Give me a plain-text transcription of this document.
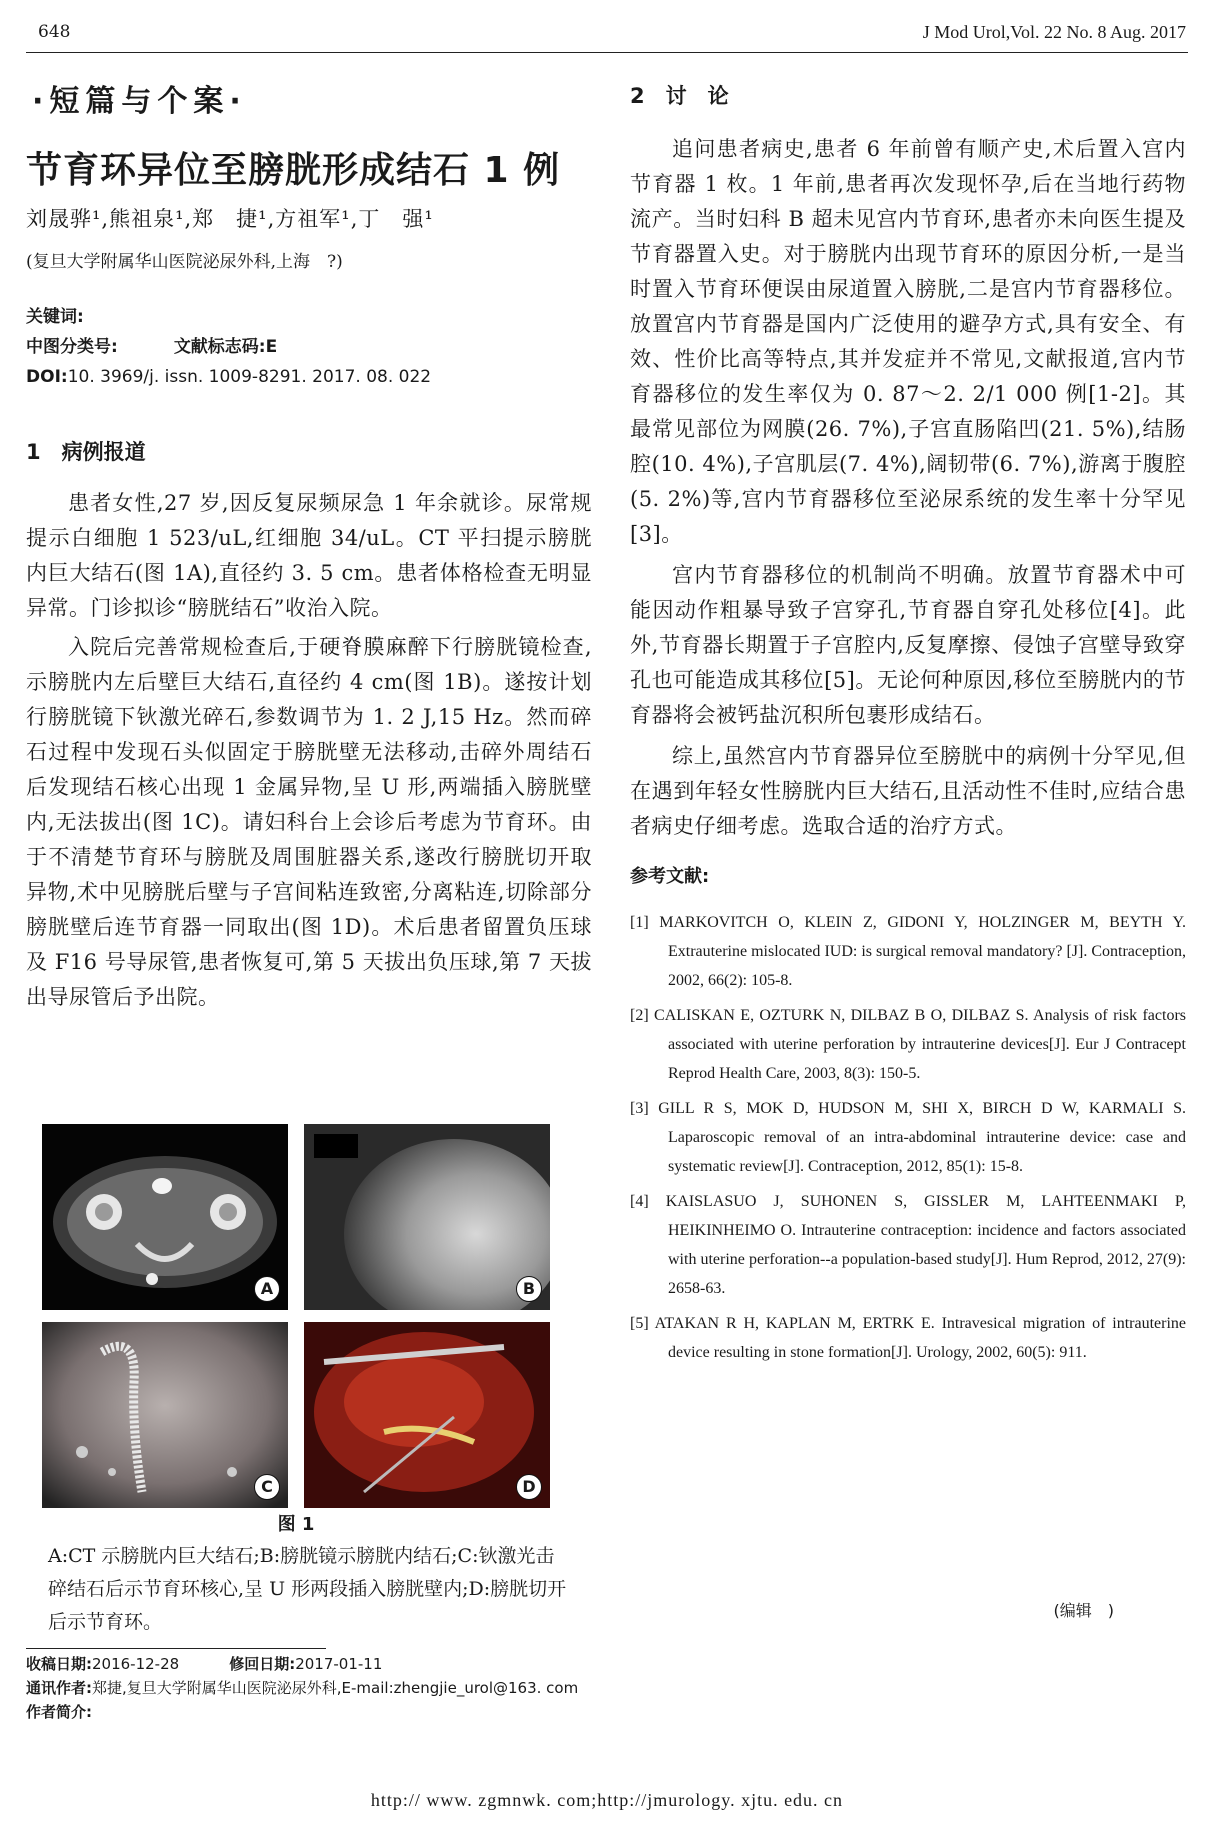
648	J Mod Urol,Vol. 22 No. 8 Aug. 2017
·短篇与个案·
节育环异位至膀胱形成结石 1 例
刘晟骅¹,熊祖泉¹,郑　捷¹,方祖军¹,丁　强¹
(复旦大学附属华山医院泌尿外科,上海　?)
关键词:
中图分类号:	文献标志码:E
DOI:10. 3969/j. issn. 1009-8291. 2017. 08. 022
1　病例报道

患者女性,27 岁,因反复尿频尿急 1 年余就诊。尿常规提示白细胞 1 523/uL,红细胞 34/uL。CT 平扫提示膀胱内巨大结石(图 1A),直径约 3. 5 cm。患者体格检查无明显异常。门诊拟诊“膀胱结石”收治入院。

入院后完善常规检查后,于硬脊膜麻醉下行膀胱镜检查,示膀胱内左后壁巨大结石,直径约 4 cm(图 1B)。遂按计划行膀胱镜下钬激光碎石,参数调节为 1. 2 J,15 Hz。然而碎石过程中发现石头似固定于膀胱壁无法移动,击碎外周结石后发现结石核心出现 1 金属异物,呈 U 形,两端插入膀胱壁内,无法拔出(图 1C)。请妇科台上会诊后考虑为节育环。由于不清楚节育环与膀胱及周围脏器关系,遂改行膀胱切开取异物,术中见膀胱后壁与子宫间粘连致密,分离粘连,切除部分膀胱壁后连节育器一同取出(图 1D)。术后患者留置负压球及 F16 号导尿管,患者恢复可,第 5 天拔出负压球,第 7 天拔出导尿管后予出院。

A	B
C	D
图 1
A:CT 示膀胱内巨大结石;B:膀胱镜示膀胱内结石;C:钬激光击碎结石后示节育环核心,呈 U 形两段插入膀胱壁内;D:膀胱切开后示节育环。
收稿日期:2016-12-28	修回日期:2017-01-11
通讯作者:郑捷,复旦大学附属华山医院泌尿外科,E-mail:zhengjie_urol@163. com
作者简介:
http:// www. zgmnwk. com;http://jmurology. xjtu. edu. cn
2　讨　论

追问患者病史,患者 6 年前曾有顺产史,术后置入宫内节育器 1 枚。1 年前,患者再次发现怀孕,后在当地行药物流产。当时妇科 B 超未见宫内节育环,患者亦未向医生提及节育器置入史。对于膀胱内出现节育环的原因分析,一是当时置入节育环便误由尿道置入膀胱,二是宫内节育器移位。放置宫内节育器是国内广泛使用的避孕方式,具有安全、有效、性价比高等特点,其并发症并不常见,文献报道,宫内节育器移位的发生率仅为 0. 87～2. 2/1 000 例[1-2]。其最常见部位为网膜(26. 7%),子宫直肠陷凹(21. 5%),结肠腔(10. 4%),子宫肌层(7. 4%),阔韧带(6. 7%),游离于腹腔(5. 2%)等,宫内节育器移位至泌尿系统的发生率十分罕见[3]。

宫内节育器移位的机制尚不明确。放置节育器术中可能因动作粗暴导致子宫穿孔,节育器自穿孔处移位[4]。此外,节育器长期置于子宫腔内,反复摩擦、侵蚀子宫壁导致穿孔也可能造成其移位[5]。无论何种原因,移位至膀胱内的节育器将会被钙盐沉积所包裹形成结石。

综上,虽然宫内节育器异位至膀胱中的病例十分罕见,但在遇到年轻女性膀胱内巨大结石,且活动性不佳时,应结合患者病史仔细考虑。选取合适的治疗方式。

参考文献:
[1] MARKOVITCH O, KLEIN Z, GIDONI Y, HOLZINGER M, BEYTH Y. Extrauterine mislocated IUD: is surgical removal mandatory? [J]. Contraception, 2002, 66(2): 105-8.
[2] CALISKAN E, OZTURK N, DILBAZ B O, DILBAZ S. Analysis of risk factors associated with uterine perforation by intrauterine devices[J]. Eur J Contracept Reprod Health Care, 2003, 8(3): 150-5.
[3] GILL R S, MOK D, HUDSON M, SHI X, BIRCH D W, KARMALI S. Laparoscopic removal of an intra-abdominal intrauterine device: case and systematic review[J]. Contraception, 2012, 85(1): 15-8.
[4] KAISLASUO J, SUHONEN S, GISSLER M, LAHTEENMAKI P, HEIKINHEIMO O. Intrauterine contraception: incidence and factors associated with uterine perforation--a population-based study[J]. Hum Reprod, 2012, 27(9): 2658-63.
[5] ATAKAN R H, KAPLAN M, ERTRK E. Intravesical migration of intrauterine device resulting in stone formation[J]. Urology, 2002, 60(5): 911.
(编辑　)
